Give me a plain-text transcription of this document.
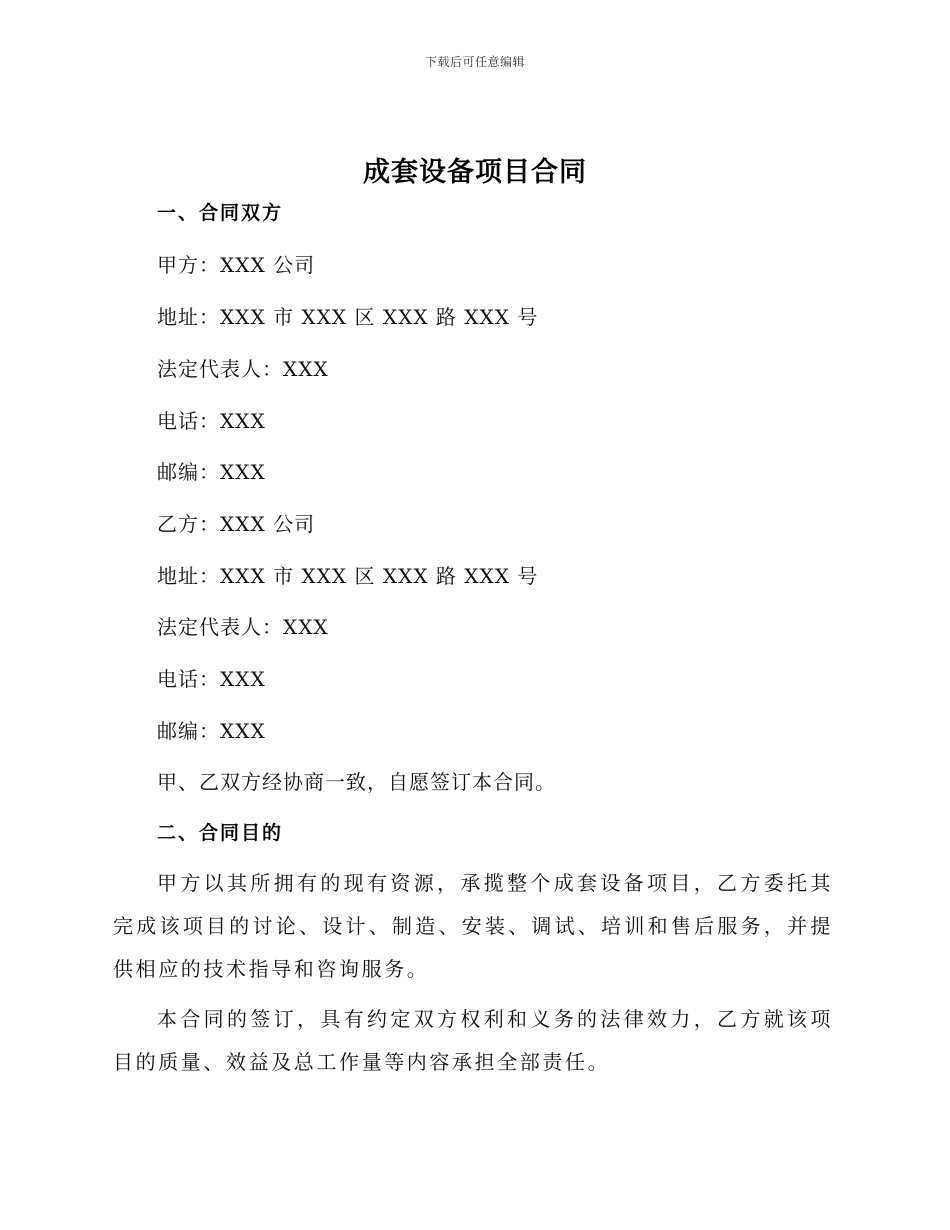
下载后可任意编辑
成套设备项目合同
一、合同双方
甲方：XXX 公司
地址：XXX 市 XXX 区 XXX 路 XXX 号
法定代表人：XXX
电话：XXX
邮编：XXX
乙方：XXX 公司
地址：XXX 市 XXX 区 XXX 路 XXX 号
法定代表人：XXX
电话：XXX
邮编：XXX
甲、乙双方经协商一致，自愿签订本合同。
二、合同目的
甲方以其所拥有的现有资源，承揽整个成套设备项目，乙方委托其完成该项目的讨论、设计、制造、安装、调试、培训和售后服务，并提供相应的技术指导和咨询服务。
本合同的签订，具有约定双方权利和义务的法律效力，乙方就该项目的质量、效益及总工作量等内容承担全部责任。
